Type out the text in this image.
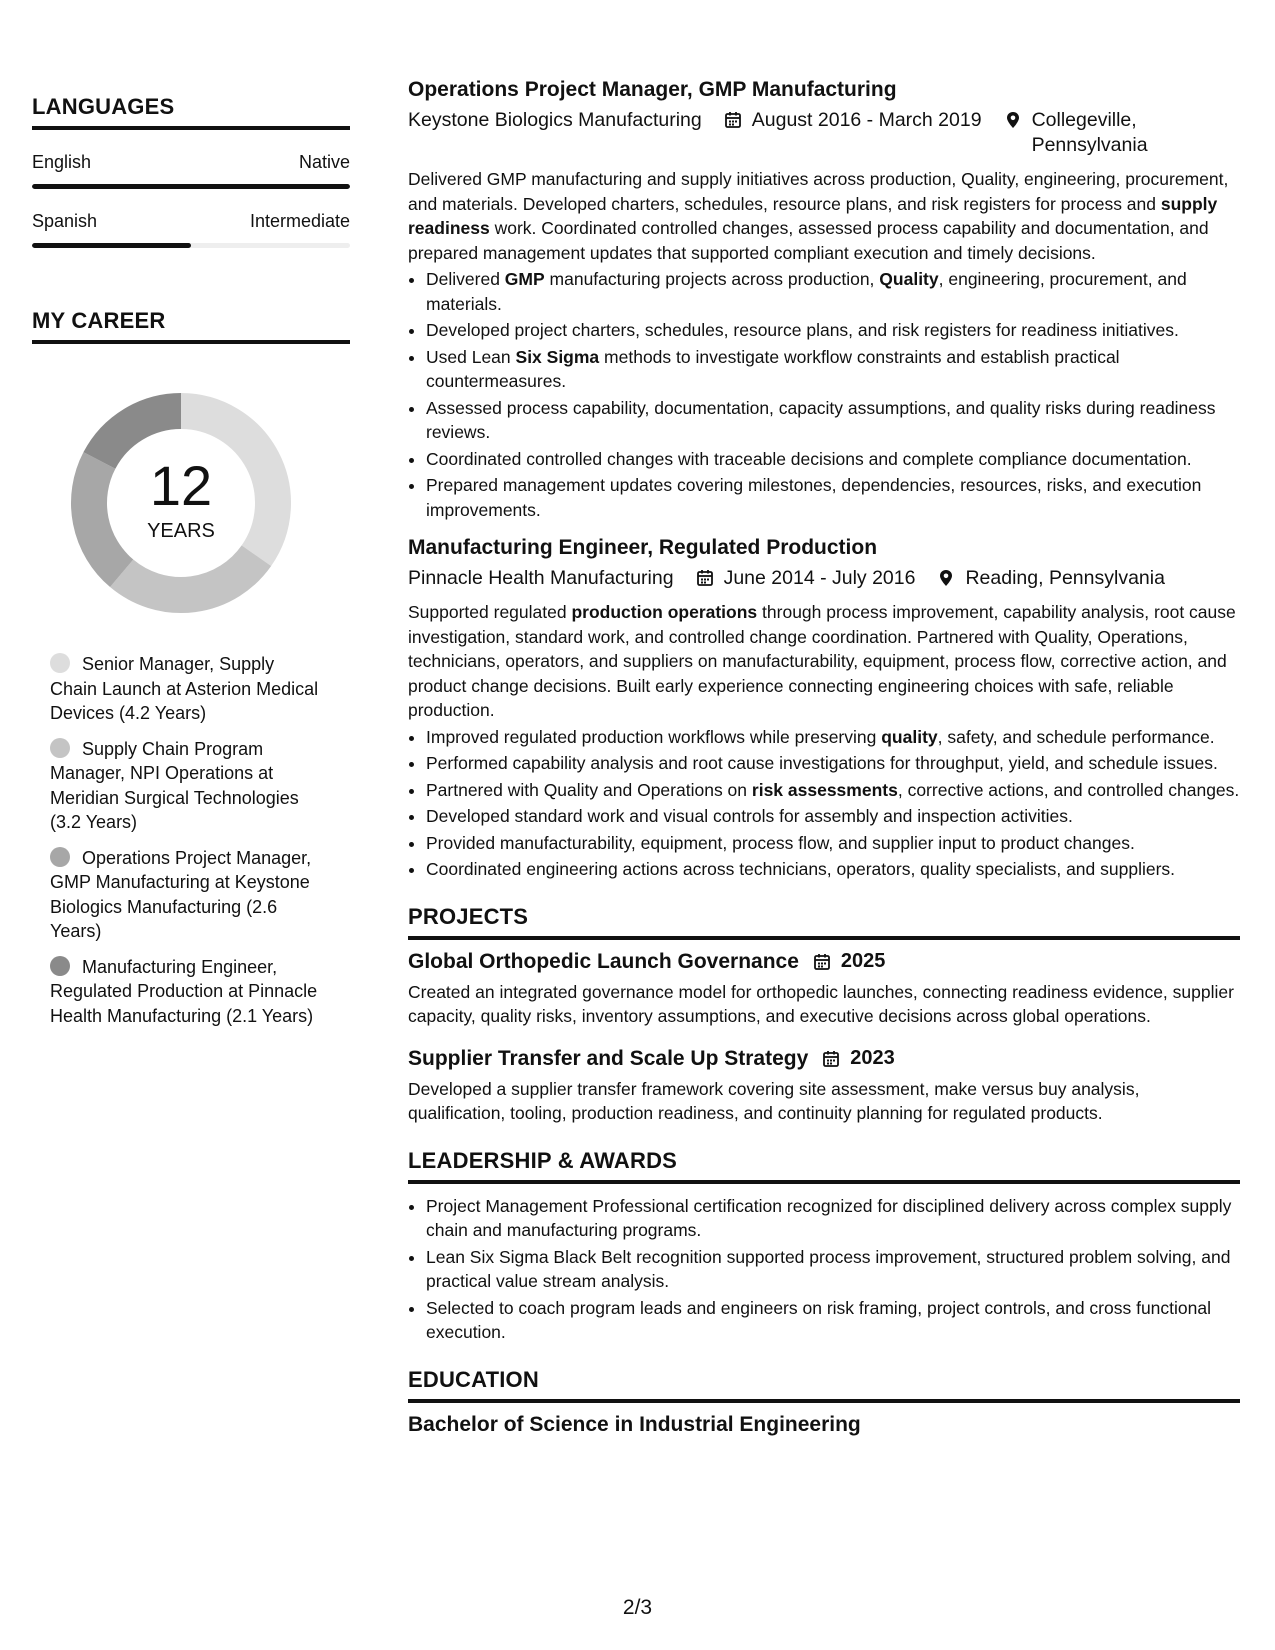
LANGUAGES
English	Native
Spanish	Intermediate
MY CAREER
12
YEARS
Senior Manager, Supply Chain Launch at Asterion Medical Devices (4.2 Years)
Supply Chain Program Manager, NPI Operations at Meridian Surgical Technologies (3.2 Years)
Operations Project Manager, GMP Manufacturing at Keystone Biologics Manufacturing (2.6 Years)
Manufacturing Engineer, Regulated Production at Pinnacle Health Manufacturing (2.1 Years)
Operations Project Manager, GMP Manufacturing
Keystone Biologics Manufacturing	August 2016 - March 2019	Collegeville, Pennsylvania

Delivered GMP manufacturing and supply initiatives across production, Quality, engineering, procurement, and materials. Developed charters, schedules, resource plans, and risk registers for process and supply readiness work. Coordinated controlled changes, assessed process capability and documentation, and prepared management updates that supported compliant execution and timely decisions.

• Delivered GMP manufacturing projects across production, Quality, engineering, procurement, and materials.
• Developed project charters, schedules, resource plans, and risk registers for readiness initiatives.
• Used Lean Six Sigma methods to investigate workflow constraints and establish practical countermeasures.
• Assessed process capability, documentation, capacity assumptions, and quality risks during readiness reviews.
• Coordinated controlled changes with traceable decisions and complete compliance documentation.
• Prepared management updates covering milestones, dependencies, resources, risks, and execution improvements.
Manufacturing Engineer, Regulated Production
Pinnacle Health Manufacturing	June 2014 - July 2016	Reading, Pennsylvania

Supported regulated production operations through process improvement, capability analysis, root cause investigation, standard work, and controlled change coordination. Partnered with Quality, Operations, technicians, operators, and suppliers on manufacturability, equipment, process flow, corrective action, and product change decisions. Built early experience connecting engineering choices with safe, reliable production.

• Improved regulated production workflows while preserving quality, safety, and schedule performance.
• Performed capability analysis and root cause investigations for throughput, yield, and schedule issues.
• Partnered with Quality and Operations on risk assessments, corrective actions, and controlled changes.
• Developed standard work and visual controls for assembly and inspection activities.
• Provided manufacturability, equipment, process flow, and supplier input to product changes.
• Coordinated engineering actions across technicians, operators, quality specialists, and suppliers.
PROJECTS
Global Orthopedic Launch Governance 2025

Created an integrated governance model for orthopedic launches, connecting readiness evidence, supplier capacity, quality risks, inventory assumptions, and executive decisions across global operations.

Supplier Transfer and Scale Up Strategy 2023

Developed a supplier transfer framework covering site assessment, make versus buy analysis, qualification, tooling, production readiness, and continuity planning for regulated products.

LEADERSHIP & AWARDS
• Project Management Professional certification recognized for disciplined delivery across complex supply chain and manufacturing programs.
• Lean Six Sigma Black Belt recognition supported process improvement, structured problem solving, and practical value stream analysis.
• Selected to coach program leads and engineers on risk framing, project controls, and cross functional execution.
EDUCATION
Bachelor of Science in Industrial Engineering
2/3
